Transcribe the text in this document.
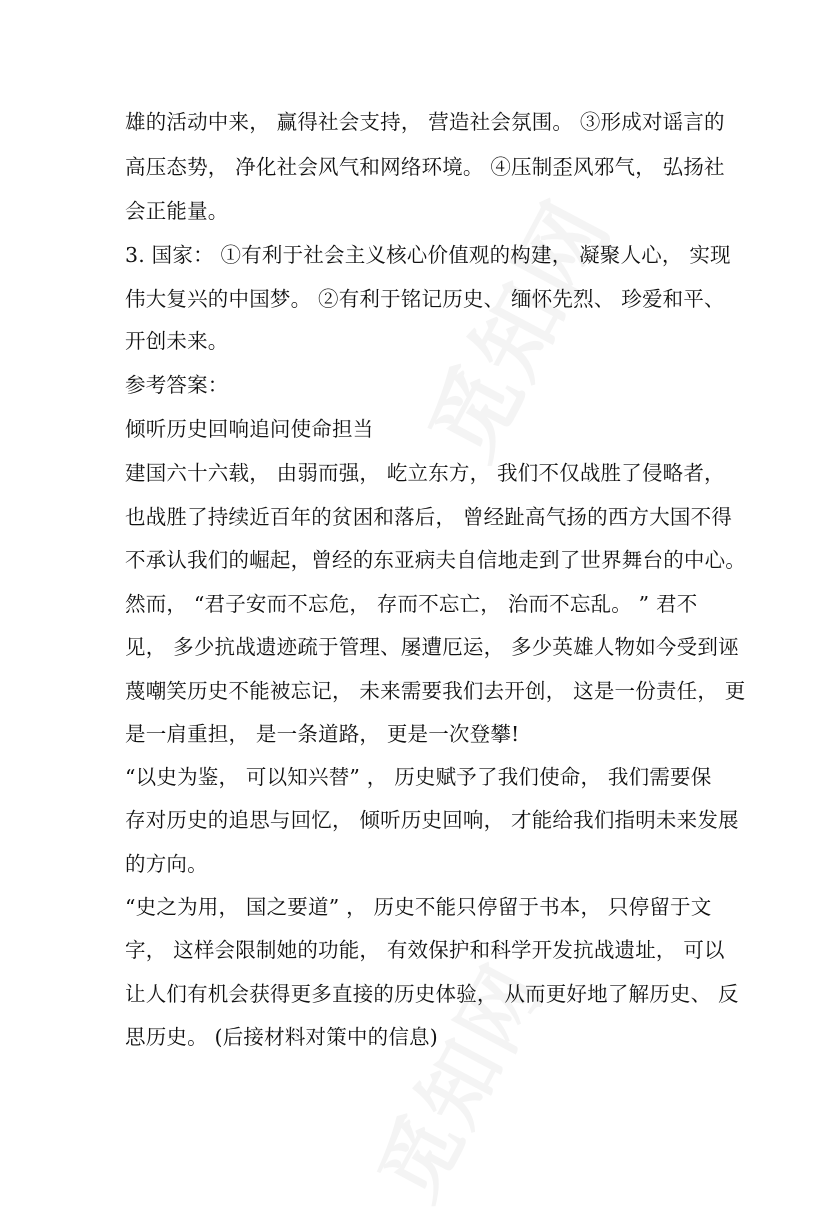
雄的活动中来， 赢得社会支持， 营造社会氛围。 ③形成对谣言的
高压态势， 净化社会风气和网络环境。 ④压制歪风邪气， 弘扬社
会正能量。
3. 国家： ①有利于社会主义核心价值观的构建， 凝聚人心， 实现
伟大复兴的中国梦。 ②有利于铭记历史、 缅怀先烈、 珍爱和平、
开创未来。
参考答案：
倾听历史回响追问使命担当
建国六十六载， 由弱而强， 屹立东方， 我们不仅战胜了侵略者，
也战胜了持续近百年的贫困和落后， 曾经趾高气扬的西方大国不得
不承认我们的崛起，曾经的东亚病夫自信地走到了世界舞台的中心。
然而， “君子安而不忘危， 存而不忘亡， 治而不忘乱。 ” 君不
见， 多少抗战遗迹疏于管理、屡遭厄运， 多少英雄人物如今受到诬
蔑嘲笑历史不能被忘记， 未来需要我们去开创， 这是一份责任， 更
是一肩重担， 是一条道路， 更是一次登攀!
“以史为鉴， 可以知兴替” ， 历史赋予了我们使命， 我们需要保
存对历史的追思与回忆， 倾听历史回响， 才能给我们指明未来发展
的方向。
“史之为用， 国之要道” ， 历史不能只停留于书本， 只停留于文
字， 这样会限制她的功能， 有效保护和科学开发抗战遗址， 可以
让人们有机会获得更多直接的历史体验， 从而更好地了解历史、 反
思历史。 (后接材料对策中的信息)
